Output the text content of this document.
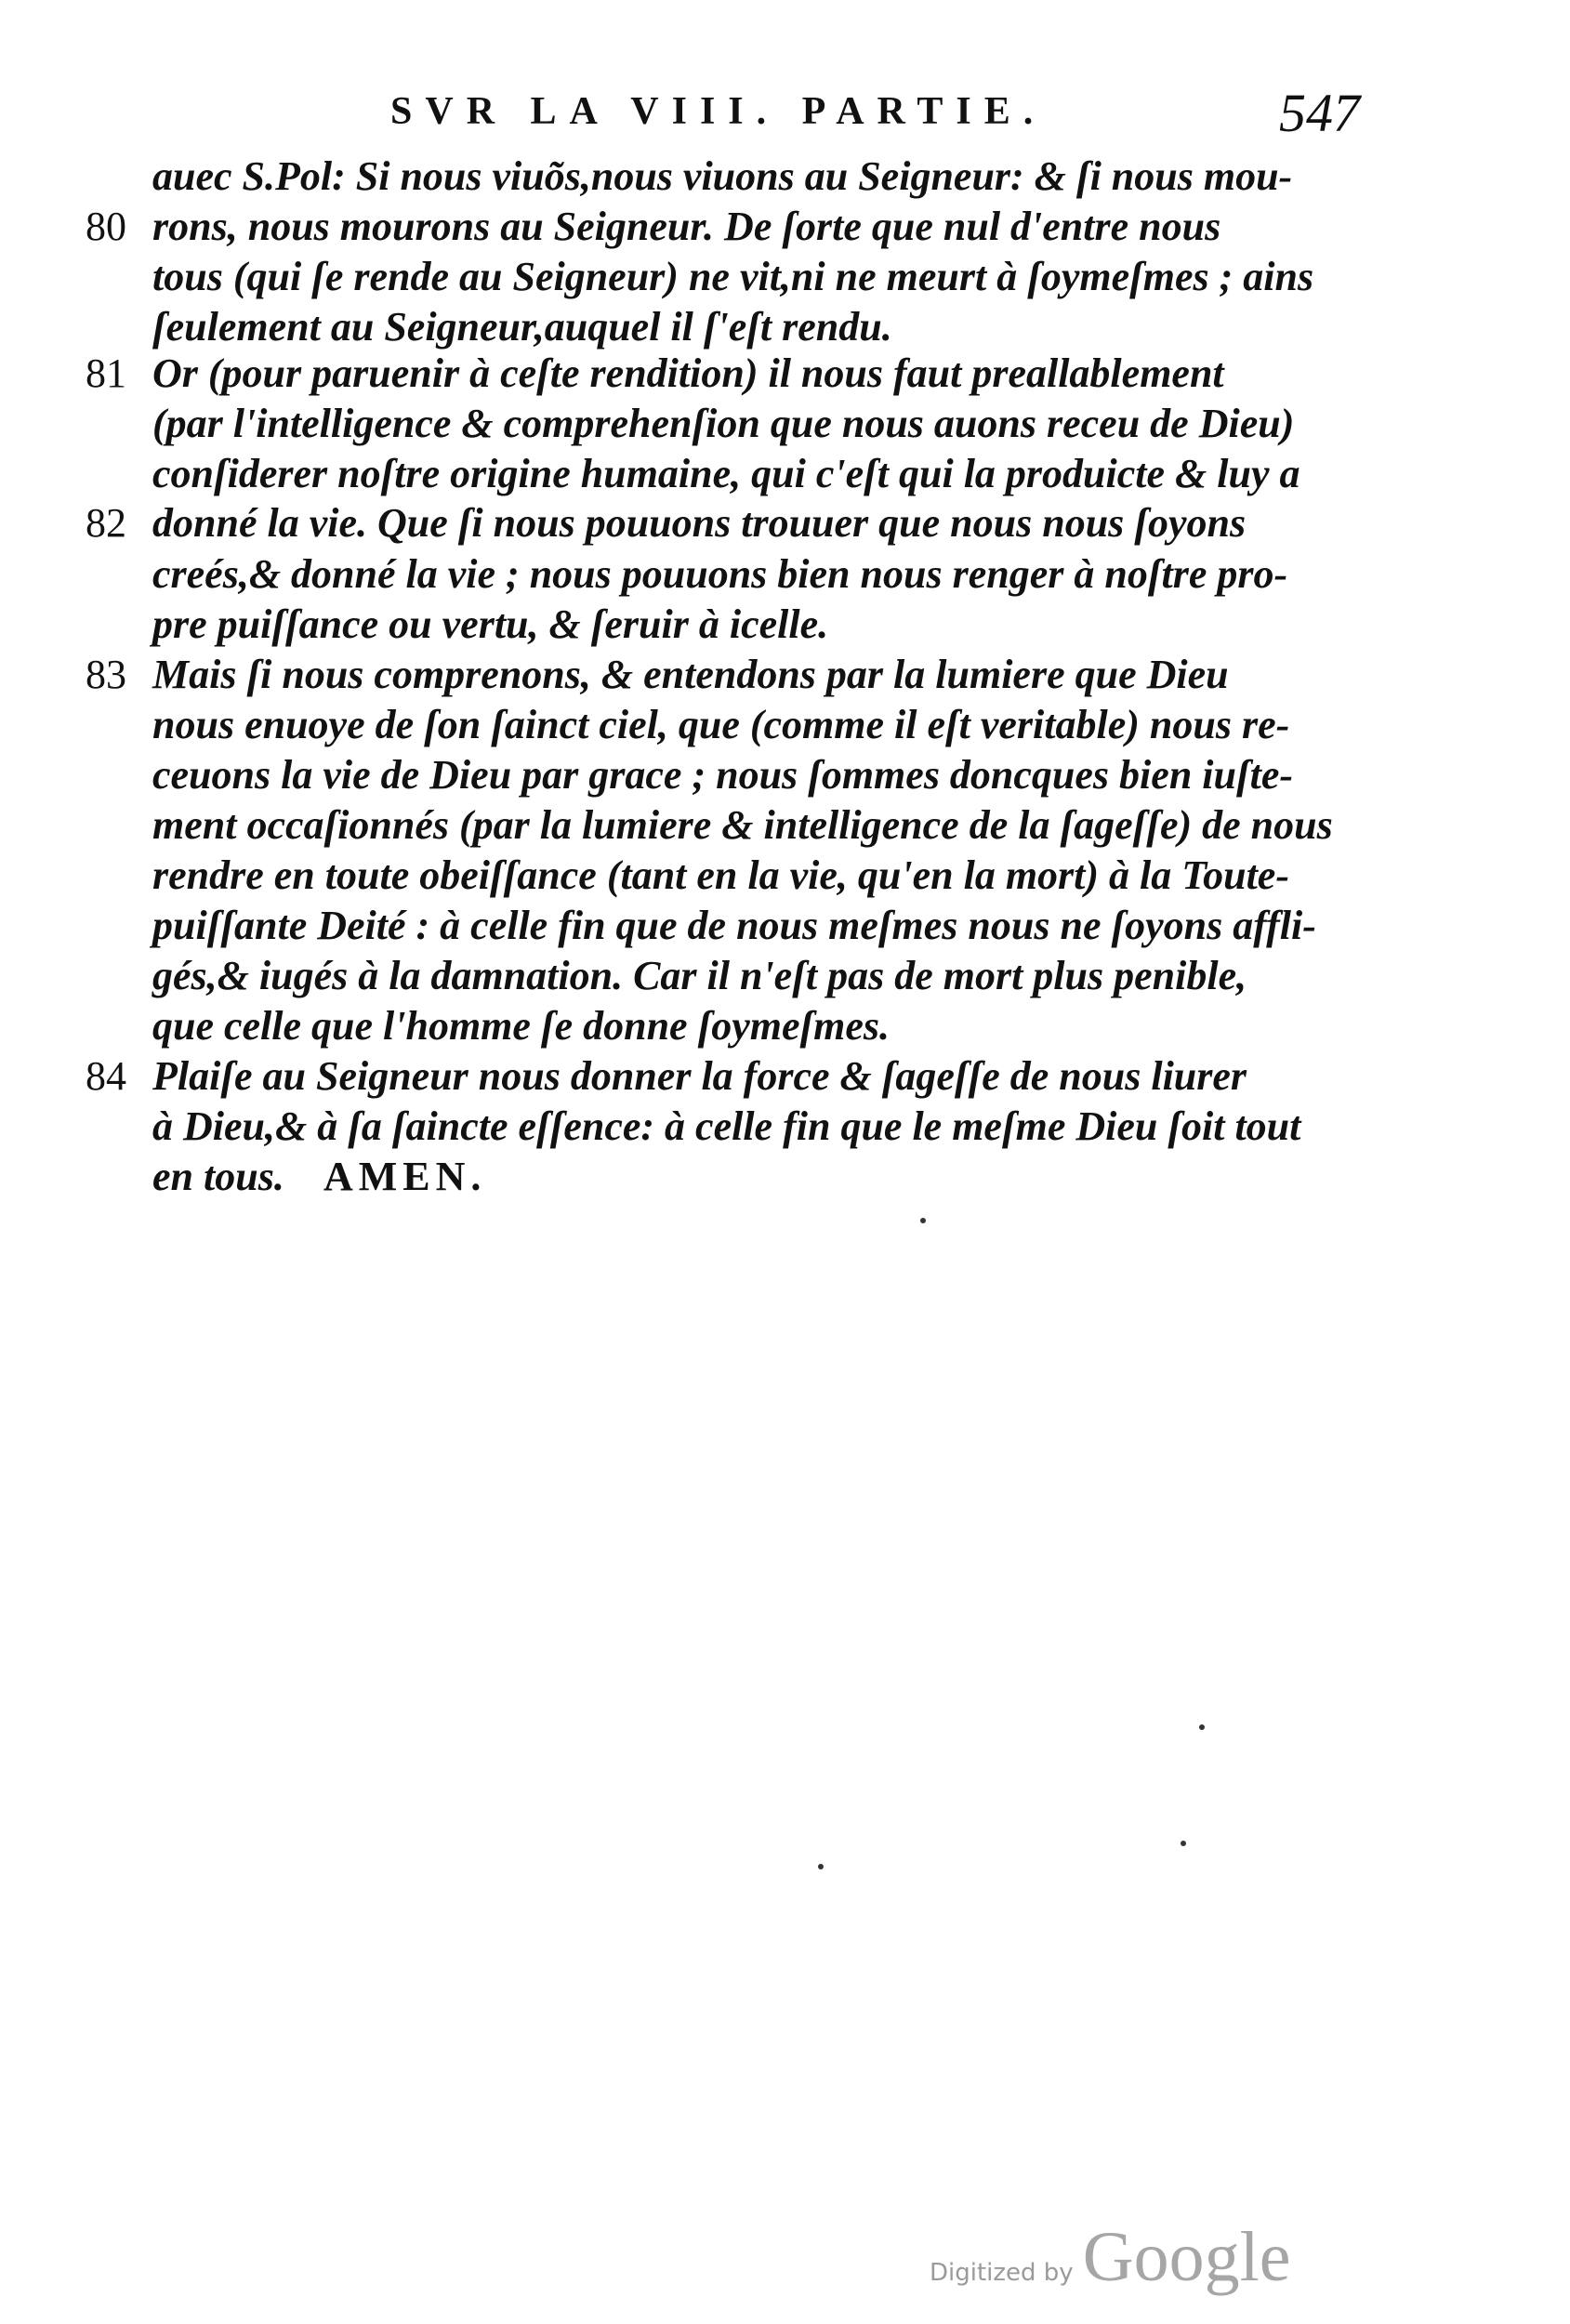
SVR LA VIII. PARTIE.	547
80
81
82
83
84
auec S.Pol: Si nous viuõs,nous viuons au Seigneur: & ſi nous mou-
rons, nous mourons au Seigneur. De ſorte que nul d'entre nous
tous (qui ſe rende au Seigneur) ne vit,ni ne meurt à ſoymeſmes ; ains
ſeulement au Seigneur,auquel il ſ'eſt rendu.
Or (pour paruenir à ceſte rendition) il nous faut preallablement
(par l'intelligence & comprehenſion que nous auons receu de Dieu)
conſiderer noſtre origine humaine, qui c'eſt qui la produicte & luy a
donné la vie. Que ſi nous pouuons trouuer que nous nous ſoyons
creés,& donné la vie ; nous pouuons bien nous renger à noſtre pro-
pre puiſſance ou vertu, & ſeruir à icelle.
Mais ſi nous comprenons, & entendons par la lumiere que Dieu
nous enuoye de ſon ſainct ciel, que (comme il eſt veritable) nous re-
ceuons la vie de Dieu par grace ; nous ſommes doncques bien iuſte-
ment occaſionnés (par la lumiere & intelligence de la ſageſſe) de nous
rendre en toute obeiſſance (tant en la vie, qu'en la mort) à la Toute-
puiſſante Deité : à celle fin que de nous meſmes nous ne ſoyons affli-
gés,& iugés à la damnation. Car il n'eſt pas de mort plus penible,
que celle que l'homme ſe donne ſoymeſmes.
Plaiſe au Seigneur nous donner la force & ſageſſe de nous liurer
à Dieu,& à ſa ſaincte eſſence: à celle fin que le meſme Dieu ſoit tout
en tous. AMEN.
Digitized by Google
